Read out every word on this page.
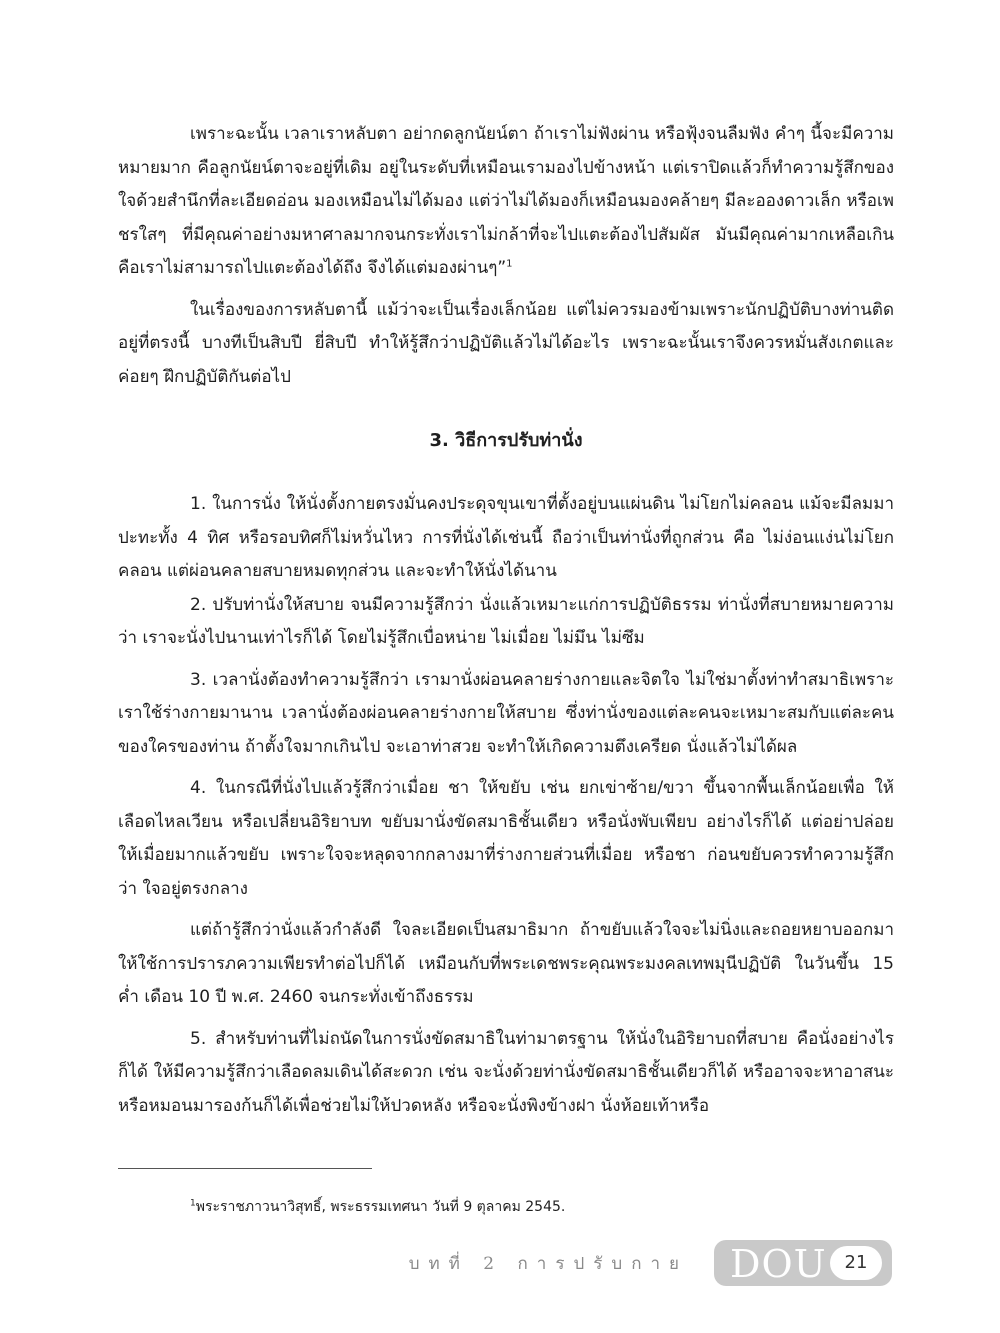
เพราะฉะนั้น เวลาเราหลับตา อย่ากดลูกนัยน์ตา ถ้าเราไม่ฟังผ่าน หรือฟุ้งจนลืมฟัง คำๆ นี้จะมีความหมายมาก คือลูกนัยน์ตาจะอยู่ที่เดิม อยู่ในระดับที่เหมือนเรามองไปข้างหน้า แต่เราปิดแล้วก็ทำความรู้สึกของใจด้วยสำนึกที่ละเอียดอ่อน มองเหมือนไม่ได้มอง แต่ว่าไม่ได้มองก็เหมือนมองคล้ายๆ มีละอองดาวเล็ก หรือเพชรใสๆ ที่มีคุณค่าอย่างมหาศาลมากจนกระทั่งเราไม่กล้าที่จะไปแตะต้องไปสัมผัส มันมีคุณค่ามากเหลือเกิน คือเราไม่สามารถไปแตะต้องได้ถึง จึงได้แต่มองผ่านๆ”$^1$

ในเรื่องของการหลับตานี้ แม้ว่าจะเป็นเรื่องเล็กน้อย แต่ไม่ควรมองข้ามเพราะนักปฏิบัติบางท่านติดอยู่ที่ตรงนี้ บางทีเป็นสิบปี ยี่สิบปี ทำให้รู้สึกว่าปฏิบัติแล้วไม่ได้อะไร เพราะฉะนั้นเราจึงควรหมั่นสังเกตและค่อยๆ ฝึกปฏิบัติกันต่อไป

3. วิธีการปรับท่านั่ง

1. ในการนั่ง ให้นั่งตั้งกายตรงมั่นคงประดุจขุนเขาที่ตั้งอยู่บนแผ่นดิน ไม่โยกไม่คลอน แม้จะมีลมมาปะทะทั้ง 4 ทิศ หรือรอบทิศก็ไม่หวั่นไหว การที่นั่งได้เช่นนี้ ถือว่าเป็นท่านั่งที่ถูกส่วน คือ ไม่ง่อนแง่นไม่โยกคลอน แต่ผ่อนคลายสบายหมดทุกส่วน และจะทำให้นั่งได้นาน

2. ปรับท่านั่งให้สบาย จนมีความรู้สึกว่า นั่งแล้วเหมาะแก่การปฏิบัติธรรม ท่านั่งที่สบายหมายความว่า เราจะนั่งไปนานเท่าไรก็ได้ โดยไม่รู้สึกเบื่อหน่าย ไม่เมื่อย ไม่มึน ไม่ซึม

3. เวลานั่งต้องทำความรู้สึกว่า เรามานั่งผ่อนคลายร่างกายและจิตใจ ไม่ใช่มาตั้งท่าทำสมาธิเพราะเราใช้ร่างกายมานาน เวลานั่งต้องผ่อนคลายร่างกายให้สบาย ซึ่งท่านั่งของแต่ละคนจะเหมาะสมกับแต่ละคน ของใครของท่าน ถ้าตั้งใจมากเกินไป จะเอาท่าสวย จะทำให้เกิดความตึงเครียด นั่งแล้วไม่ได้ผล

4. ในกรณีที่นั่งไปแล้วรู้สึกว่าเมื่อย ชา ให้ขยับ เช่น ยกเข่าซ้าย/ขวา ขึ้นจากพื้นเล็กน้อยเพื่อ ให้เลือดไหลเวียน หรือเปลี่ยนอิริยาบท ขยับมานั่งขัดสมาธิชั้นเดียว หรือนั่งพับเพียบ อย่างไรก็ได้ แต่อย่าปล่อยให้เมื่อยมากแล้วขยับ เพราะใจจะหลุดจากกลางมาที่ร่างกายส่วนที่เมื่อย หรือชา ก่อนขยับควรทำความรู้สึกว่า ใจอยู่ตรงกลาง

แต่ถ้ารู้สึกว่านั่งแล้วกำลังดี ใจละเอียดเป็นสมาธิมาก ถ้าขยับแล้วใจจะไม่นิ่งและถอยหยาบออกมาให้ใช้การปรารภความเพียรทำต่อไปก็ได้ เหมือนกับที่พระเดชพระคุณพระมงคลเทพมุนีปฏิบัติ ในวันขึ้น 15 ค่ำ เดือน 10 ปี พ.ศ. 2460 จนกระทั่งเข้าถึงธรรม

5. สำหรับท่านที่ไม่ถนัดในการนั่งขัดสมาธิในท่ามาตรฐาน ให้นั่งในอิริยาบถที่สบาย คือนั่งอย่างไรก็ได้ ให้มีความรู้สึกว่าเลือดลมเดินได้สะดวก เช่น จะนั่งด้วยท่านั่งขัดสมาธิชั้นเดียวก็ได้ หรืออาจจะหาอาสนะหรือหมอนมารองก้นก็ได้เพื่อช่วยไม่ให้ปวดหลัง หรือจะนั่งพิงข้างฝา นั่งห้อยเท้าหรือ

$^1$พระราชภาวนาวิสุทธิ์, พระธรรมเทศนา วันที่ 9 ตุลาคม 2545.
บทที่ 2 การปรับกาย DOU 21
